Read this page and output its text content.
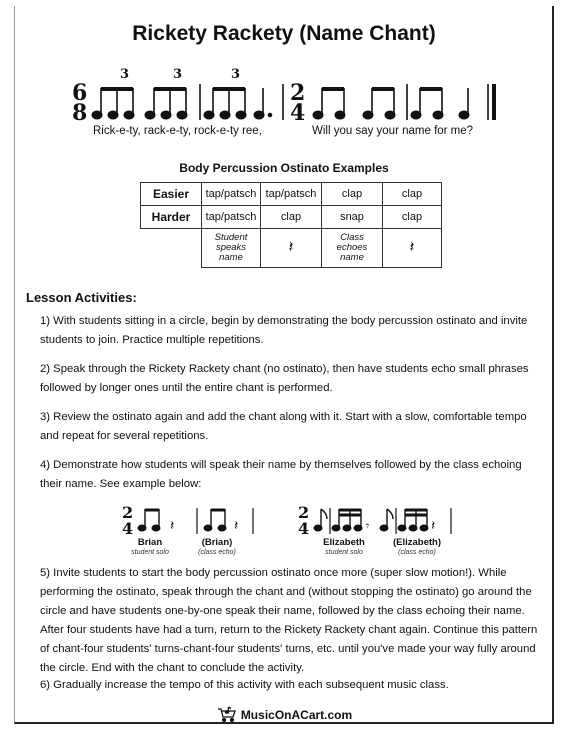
Rickety Rackety (Name Chant)
6
8
3	3	3
2
4
Rick-e-ty, rack-e-ty, rock-e-ty ree,	Will you say your name for me?
Body Percussion Ostinato Examples
Easier	tap/patsch	tap/patsch	clap	clap
Harder	tap/patsch	clap	snap	clap
	Student speaks name	𝄽	Class echoes name	𝄽
Lesson Activities:
1) With students sitting in a circle, begin by demonstrating the body percussion ostinato and invite students to join. Practice multiple repetitions.
2) Speak through the Rickety Rackety chant (no ostinato), then have students echo small phrases followed by longer ones until the entire chant is performed.
3) Review the ostinato again and add the chant along with it. Start with a slow, comfortable tempo and repeat for several repetitions.
4) Demonstrate how students will speak their name by themselves followed by the class echoing their name. See example below:
2
4	𝄽	𝄽
2
4	𝄾	𝄽
Brian
student solo
(Brian)
(class echo)
Elizabeth
student solo
(Elizabeth)
(class echo)
5) Invite students to start the body percussion ostinato once more (super slow motion!). While performing the ostinato, speak through the chant and (without stopping the ostinato) go around the circle and have students one-by-one speak their name, followed by the class echoing their name. After four students have had a turn, return to the Rickety Rackety chant again. Continue this pattern of chant-four students' turns-chant-four students' turns, etc. until you've made your way fully around the circle. End with the chant to conclude the activity.
6) Gradually increase the tempo of this activity with each subsequent music class.
MusicOnACart.com
